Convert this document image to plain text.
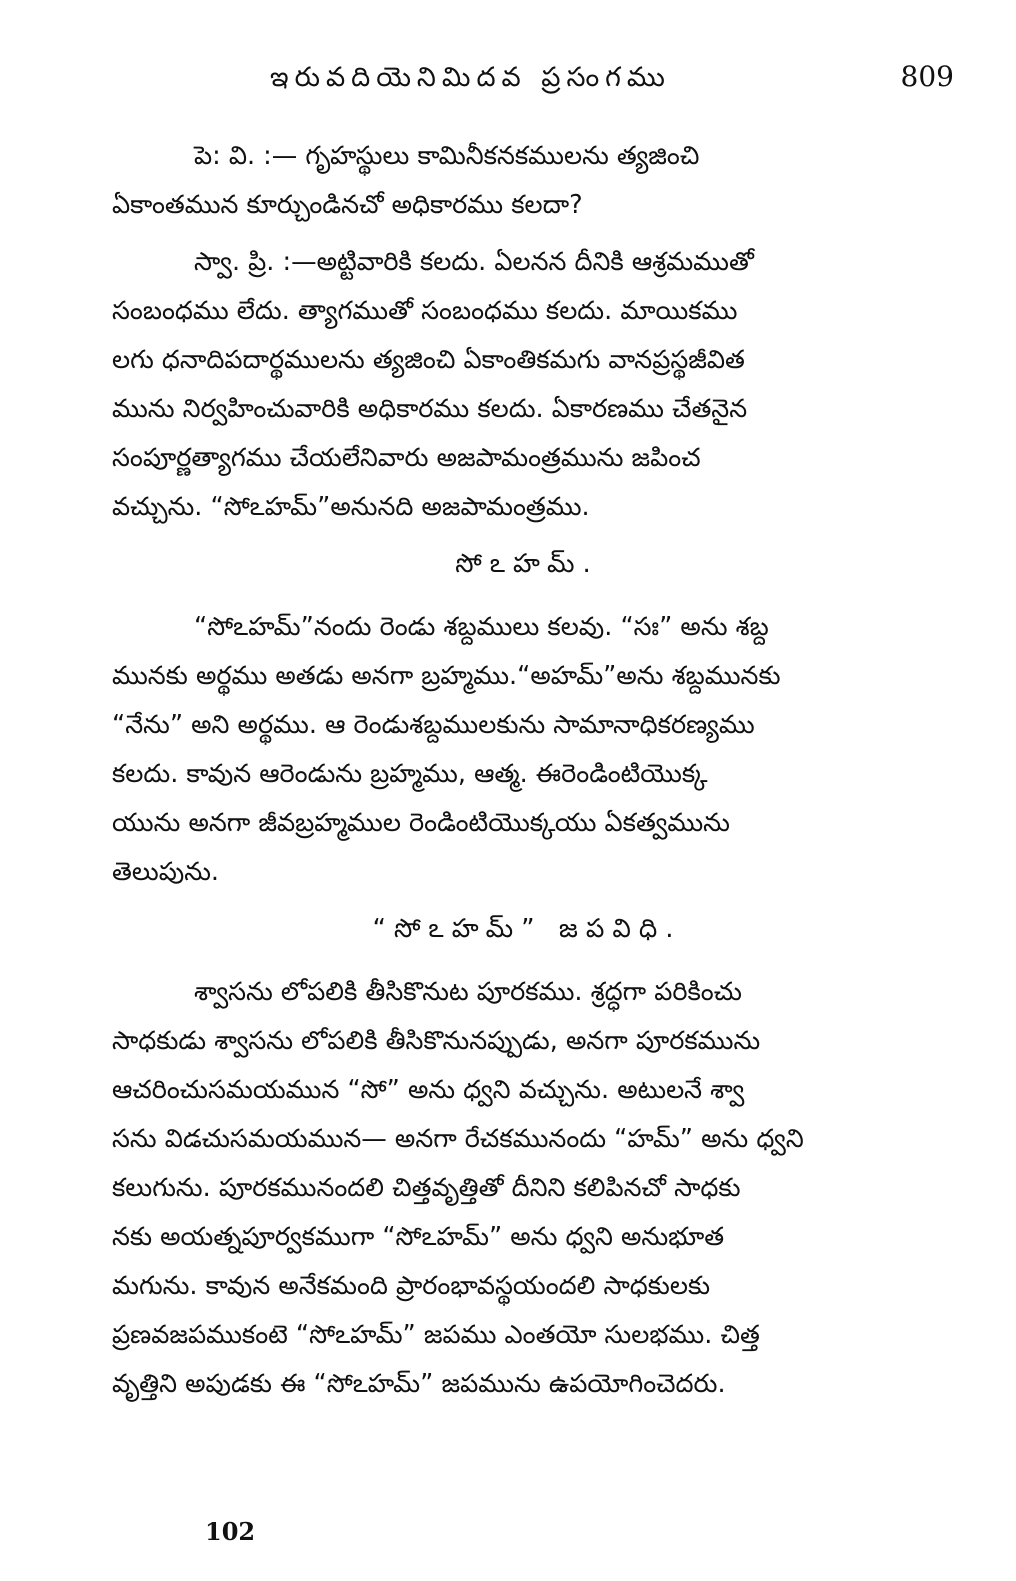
ఇరువదియెనిమిదవ ప్రసంగము	809
పె: వి. :— గృహస్థులు కామినీకనకములను త్యజించి
ఏకాంతమున కూర్చుండినచో అధికారము కలదా?
స్వా. ప్రి. :—అట్టివారికి కలదు. ఏలనన దీనికి ఆశ్రమముతో
సంబంధము లేదు. త్యాగముతో సంబంధము కలదు. మాయికము
లగు ధనాదిపదార్థములను త్యజించి ఏకాంతికమగు వానప్రస్థజీవిత
మును నిర్వహించువారికి అధికారము కలదు. ఏకారణము చేతనైన
సంపూర్ణత్యాగము చేయలేనివారు అజపామంత్రమును జపించ
వచ్చును. “సోఽహమ్”అనునది అజపామంత్రము.
సోఽహమ్.
“సోఽహమ్”నందు రెండు శబ్దములు కలవు. “సః” అను శబ్ద
మునకు అర్థము అతడు అనగా బ్రహ్మము.“అహమ్”అను శబ్దమునకు
“నేను” అని అర్థము. ఆ రెండుశబ్దములకును సామానాధికరణ్యము
కలదు. కావున ఆరెండును బ్రహ్మము, ఆత్మ. ఈరెండింటియొక్క
యును అనగా జీవబ్రహ్మముల రెండింటియొక్కయు ఏకత్వమును
తెలుపును.
“సోఽహమ్” జపవిధి.
శ్వాసను లోపలికి తీసికొనుట పూరకము. శ్రద్ధగా పరికించు
సాధకుడు శ్వాసను లోపలికి తీసికొనునప్పుడు, అనగా పూరకమును
ఆచరించుసమయమున “సో” అను ధ్వని వచ్చును. అటులనే శ్వా
సను విడచుసమయమున— అనగా రేచకమునందు “హమ్” అను ధ్వని
కలుగును. పూరకమునందలి చిత్తవృత్తితో దీనిని కలిపినచో సాధకు
నకు అయత్నపూర్వకముగా “సోఽహమ్” అను ధ్వని అనుభూత
మగును. కావున అనేకమంది ప్రారంభావస్థయందలి సాధకులకు
ప్రణవజపముకంటె “సోఽహమ్” జపము ఎంతయో సులభము. చిత్త
వృత్తిని అపుడకు ఈ “సోఽహమ్” జపమును ఉపయోగించెదరు.
102
